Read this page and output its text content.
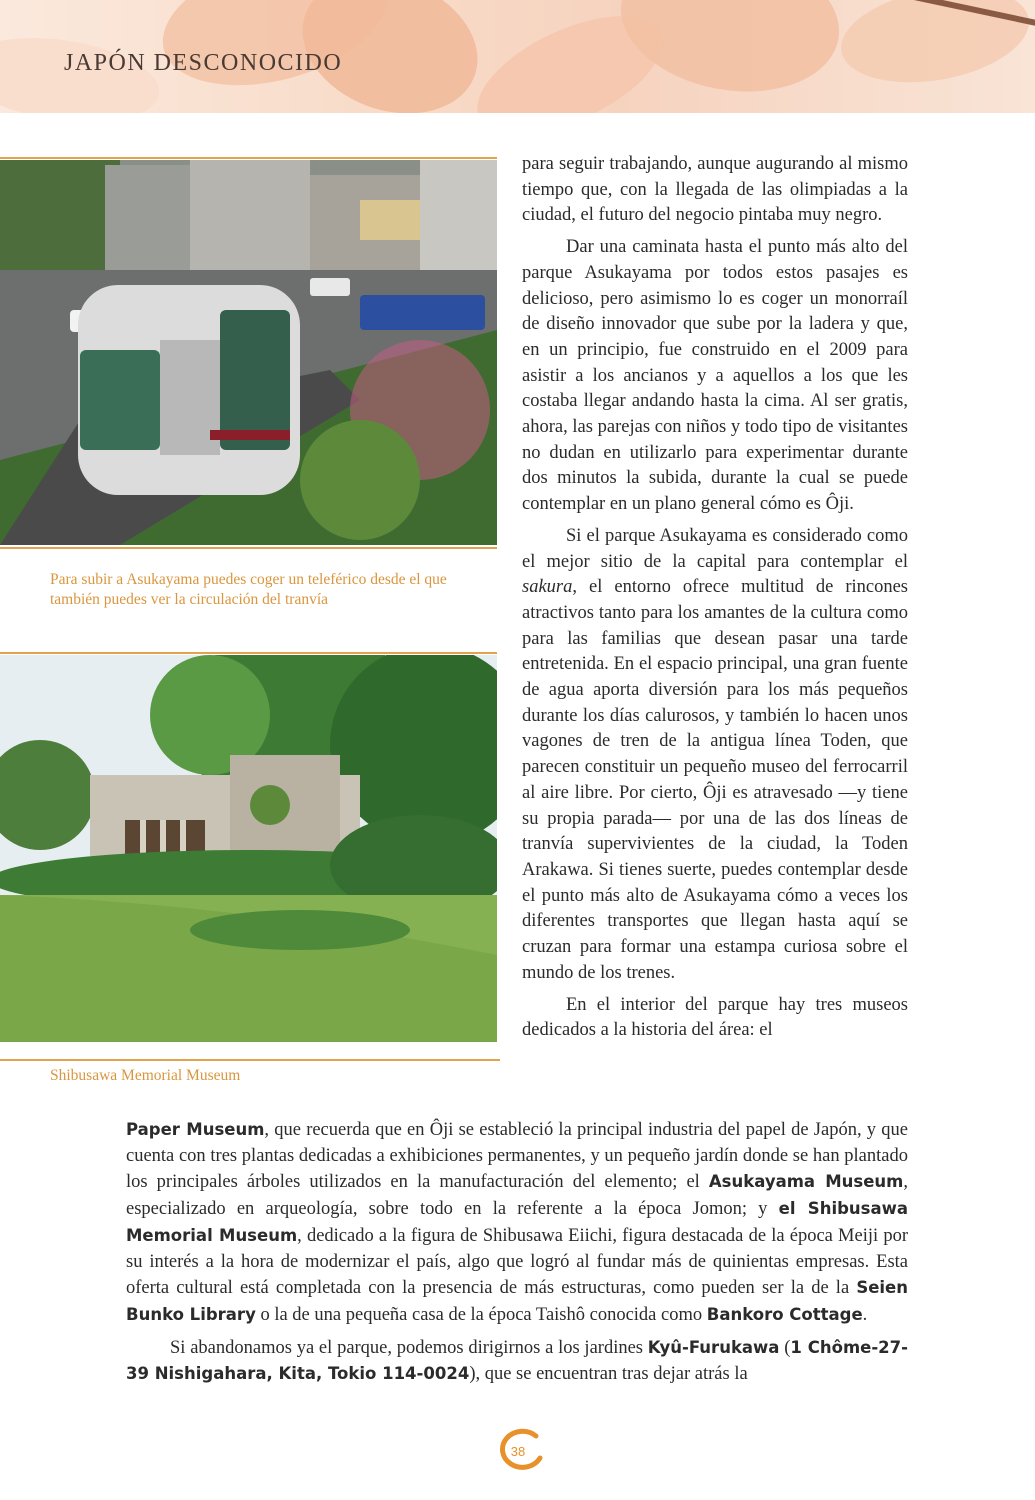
JAPÓN DESCONOCIDO
Para subir a Asukayama puedes coger un teleférico desde el que también puedes ver la circulación del tranvía
Shibusawa Memorial Museum

para seguir trabajando, aunque augurando al mismo tiempo que, con la llegada de las olimpiadas a la ciudad, el futuro del negocio pintaba muy negro.

Dar una caminata hasta el punto más alto del parque Asukayama por todos estos pasajes es delicioso, pero asimismo lo es coger un monorraíl de diseño innovador que sube por la ladera y que, en un principio, fue construido en el 2009 para asistir a los ancianos y a aquellos a los que les costaba llegar andando hasta la cima. Al ser gratis, ahora, las parejas con niños y todo tipo de visitantes no dudan en utilizarlo para experimentar durante dos minutos la subida, durante la cual se puede contemplar en un plano general cómo es Ôji.

Si el parque Asukayama es considerado como el mejor sitio de la capital para contemplar el sakura, el entorno ofrece multitud de rincones atractivos tanto para los amantes de la cultura como para las familias que desean pasar una tarde entretenida. En el espacio principal, una gran fuente de agua aporta diversión para los más pequeños durante los días calurosos, y también lo hacen unos vagones de tren de la antigua línea Toden, que parecen constituir un pequeño museo del ferrocarril al aire libre. Por cierto, Ôji es atravesado —y tiene su propia parada— por una de las dos líneas de tranvía supervivientes de la ciudad, la Toden Arakawa. Si tienes suerte, puedes contemplar desde el punto más alto de Asukayama cómo a veces los diferentes transportes que llegan hasta aquí se cruzan para formar una estampa curiosa sobre el mundo de los trenes.

En el interior del parque hay tres museos dedicados a la historia del área: el

Paper Museum, que recuerda que en Ôji se estableció la principal industria del papel de Japón, y que cuenta con tres plantas dedicadas a exhibiciones permanentes, y un pequeño jardín donde se han plantado los principales árboles utilizados en la manufacturación del elemento; el Asukayama Museum, especializado en arqueología, sobre todo en la referente a la época Jomon; y el Shibusawa Memorial Museum, dedicado a la figura de Shibusawa Eiichi, figura destacada de la época Meiji por su interés a la hora de modernizar el país, algo que logró al fundar más de quinientas empresas. Esta oferta cultural está completada con la presencia de más estructuras, como pueden ser la de la Seien Bunko Library o la de una pequeña casa de la época Taishô conocida como Bankoro Cottage.

Si abandonamos ya el parque, podemos dirigirnos a los jardines Kyû-Furukawa (1 Chôme-27-39 Nishigahara, Kita, Tokio 114-0024), que se encuentran tras dejar atrás la

38
